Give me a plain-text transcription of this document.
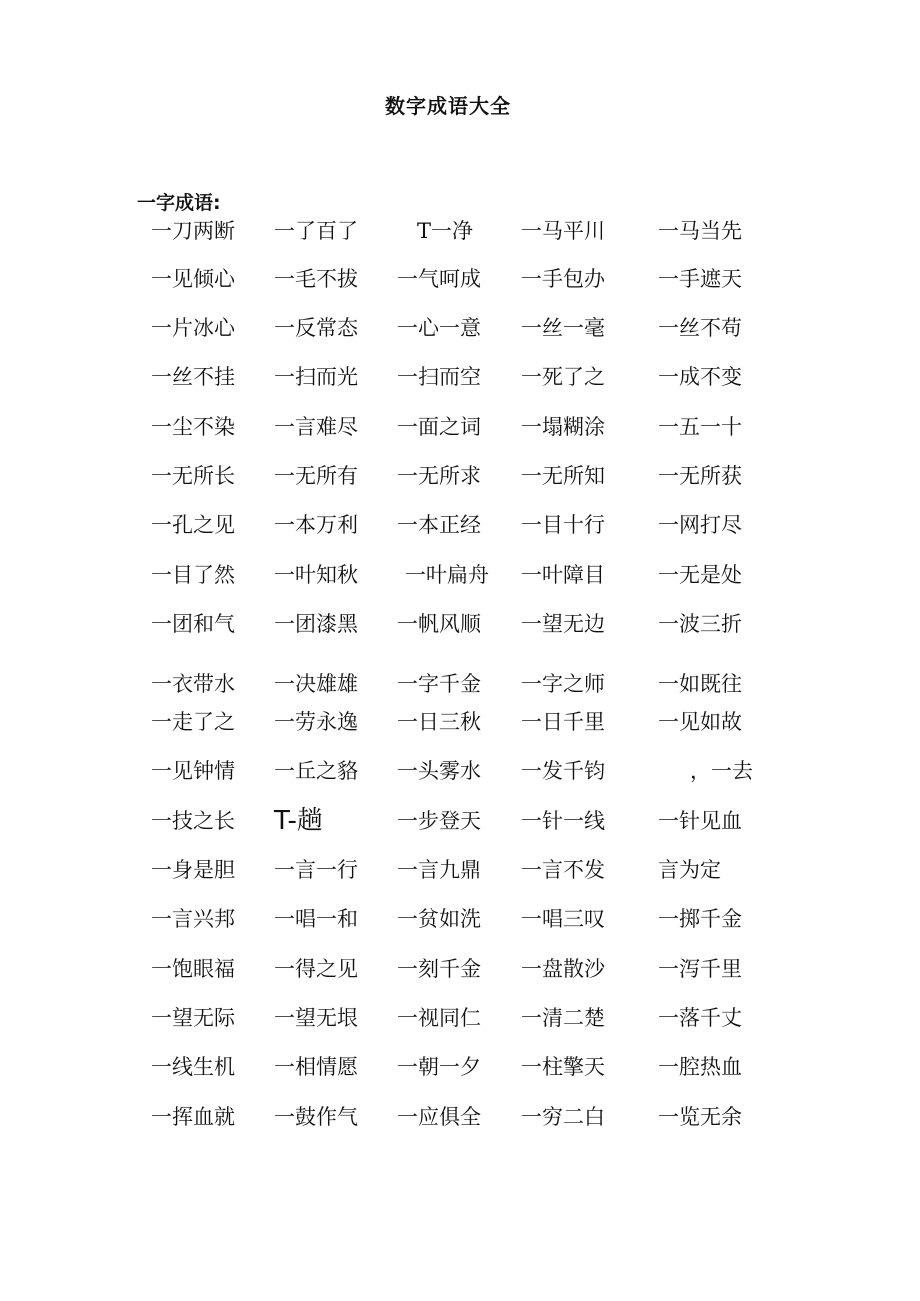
数字成语大全
一字成语:
一刀两断 一了百了	T一净 一马平川	一马当先
一见倾心 一毛不拔 一气呵成 一手包办	一手遮天
一片冰心 一反常态 一心一意 一丝一毫	一丝不苟
一丝不挂 一扫而光 一扫而空 一死了之	一成不变
一尘不染 一言难尽 一面之词 一塌糊涂	一五一十
一无所长 一无所有 一无所求 一无所知	一无所获
一孔之见 一本万利 一本正经 一目十行	一网打尽
一目了然 一叶知秋 一叶扁舟 一叶障目	一无是处
一团和气 一团漆黑 一帆风顺 一望无边	一波三折
一衣带水 一决雄雄 一字千金 一字之师	一如既往
一走了之 一劳永逸 一日三秋 一日千里	一见如故
一见钟情 一丘之貉 一头雾水 一发千钧	，一去
一技之长 T-趟	一步登天 一针一线	一针见血
一身是胆 一言一行 一言九鼎 一言不发	言为定
一言兴邦 一唱一和 一贫如洗 一唱三叹	一掷千金
一饱眼福 一得之见 一刻千金 一盘散沙	一泻千里
一望无际 一望无垠 一视同仁 一清二楚	一落千丈
一线生机 一相情愿 一朝一夕 一柱擎天	一腔热血
一挥血就 一鼓作气 一应俱全 一穷二白	一览无余
